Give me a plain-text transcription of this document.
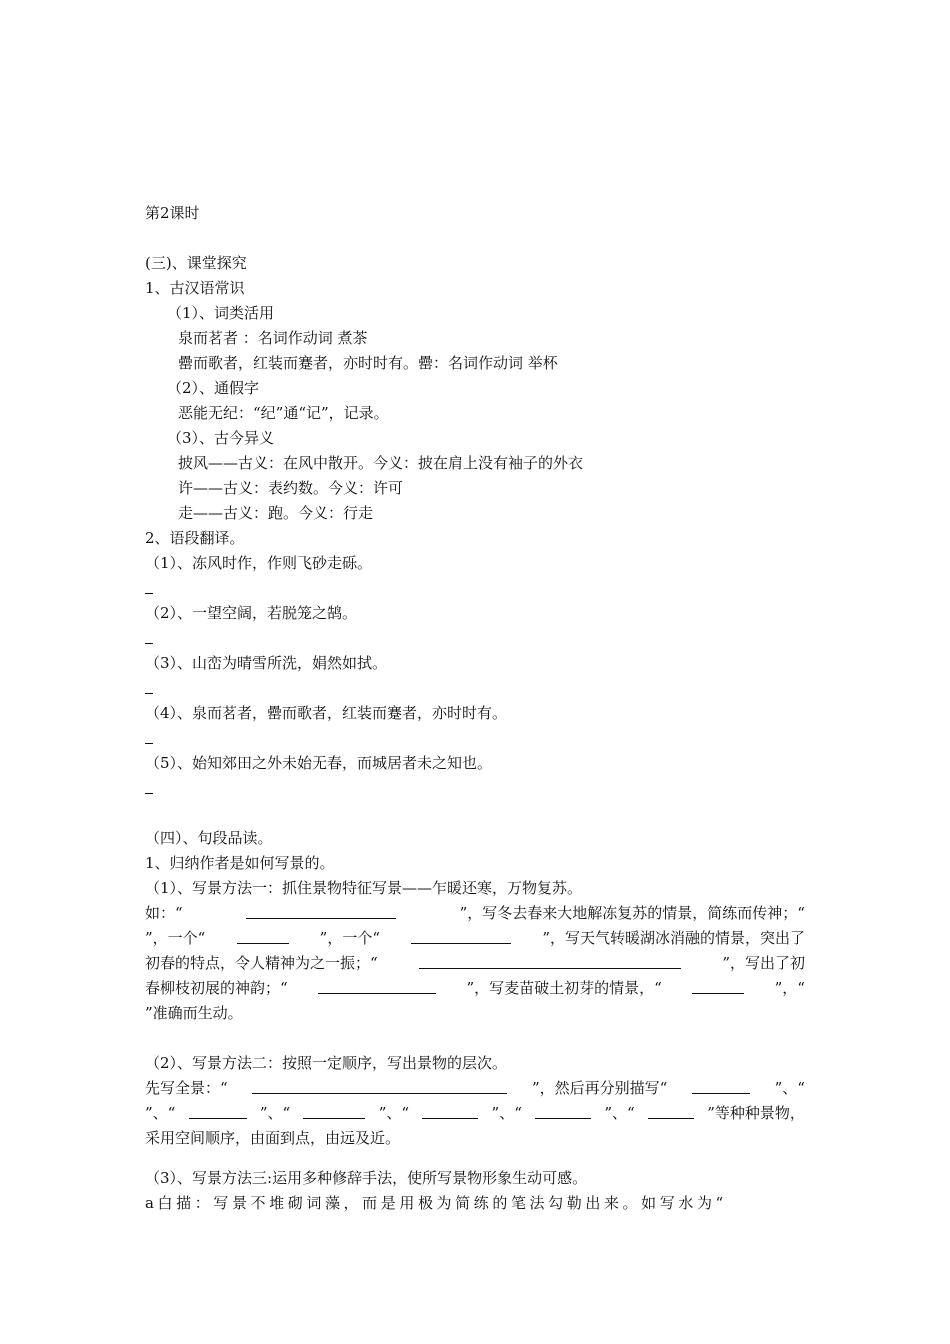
第2课时
(三)、课堂探究
1、古汉语常识
（1）、词类活用
泉而茗者 ：名词作动词 煮茶
罍而歌者，红装而蹇者，亦时时有。罍：名词作动词 举杯
（2）、通假字
恶能无纪：“纪”通“记”，记录。
（3）、古今异义
披风——古义：在风中散开。今义：披在肩上没有袖子的外衣
许——古义：表约数。今义：许可
走——古义：跑。今义：行走
2、语段翻译。
（1）、冻风时作，作则飞砂走砾。
（2）、一望空阔，若脱笼之鹄。
（3）、山峦为晴雪所洗，娟然如拭。
（4）、泉而茗者，罍而歌者，红装而蹇者，亦时时有。
（5）、始知郊田之外未始无春，而城居者未之知也。
（四）、句段品读。
1、归纳作者是如何写景的。
（1）、写景方法一：抓住景物特征写景——乍暖还寒，万物复苏。
如：“	”，写冬去春来大地解冻复苏的情景，简练而传神；“
”，一个“	”，一个“	”，写天气转暖湖冰消融的情景，突出了
初春的特点，令人精神为之一振；“	”，写出了初
春柳枝初展的神韵；“	”，写麦苗破土初芽的情景，“	”，“
”准确而生动。
（2）、写景方法二：按照一定顺序，写出景物的层次。
先写全景：“	”，然后再分别描写“	”、“
”、“	”、“	”、“	”、“	”、“	”等种种景物，
采用空间顺序，由面到点，由远及近。
（3）、写景方法三:运用多种修辞手法，使所写景物形象生动可感。
a白描：写景不堆砌词藻，而是用极为简练的笔法勾勒出来。如写水为“
